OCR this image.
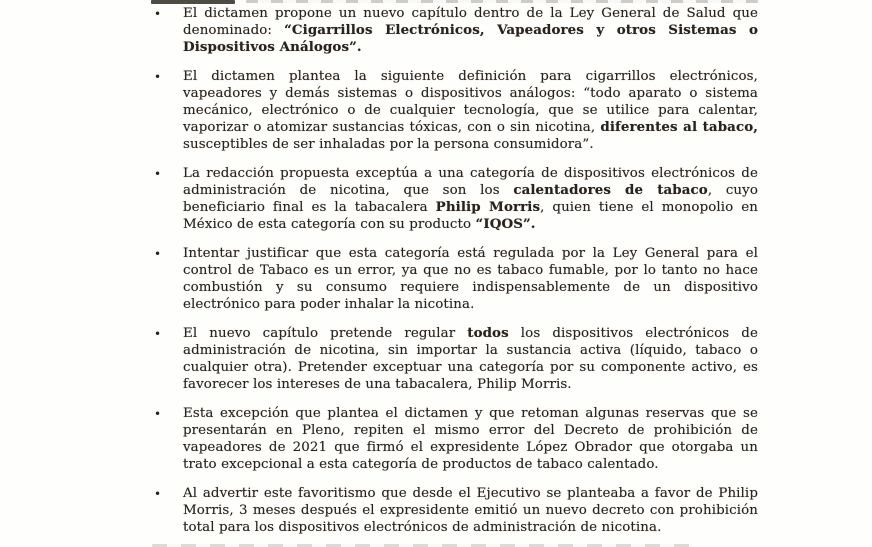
•	El dictamen propone un nuevo capítulo dentro de la Ley General de Salud que denominado: “Cigarrillos Electrónicos, Vapeadores y otros Sistemas o Dispositivos Análogos”.
•	El dictamen plantea la siguiente definición para cigarrillos electrónicos, vapeadores y demás sistemas o dispositivos análogos: “todo aparato o sistema mecánico, electrónico o de cualquier tecnología, que se utilice para calentar, vaporizar o atomizar sustancias tóxicas, con o sin nicotina, diferentes al tabaco, susceptibles de ser inhaladas por la persona consumidora”.
•	La redacción propuesta exceptúa a una categoría de dispositivos electrónicos de administración de nicotina, que son los calentadores de tabaco, cuyo beneficiario final es la tabacalera Philip Morris, quien tiene el monopolio en México de esta categoría con su producto “IQOS”.
•	Intentar justificar que esta categoría está regulada por la Ley General para el control de Tabaco es un error, ya que no es tabaco fumable, por lo tanto no hace combustión y su consumo requiere indispensablemente de un dispositivo electrónico para poder inhalar la nicotina.
•	El nuevo capítulo pretende regular todos los dispositivos electrónicos de administración de nicotina, sin importar la sustancia activa (líquido, tabaco o cualquier otra). Pretender exceptuar una categoría por su componente activo, es favorecer los intereses de una tabacalera, Philip Morris.
•	Esta excepción que plantea el dictamen y que retoman algunas reservas que se presentarán en Pleno, repiten el mismo error del Decreto de prohibición de vapeadores de 2021 que firmó el expresidente López Obrador que otorgaba un trato excepcional a esta categoría de productos de tabaco calentado.
•	Al advertir este favoritismo que desde el Ejecutivo se planteaba a favor de Philip Morris, 3 meses después el expresidente emitió un nuevo decreto con prohibición total para los dispositivos electrónicos de administración de nicotina.
